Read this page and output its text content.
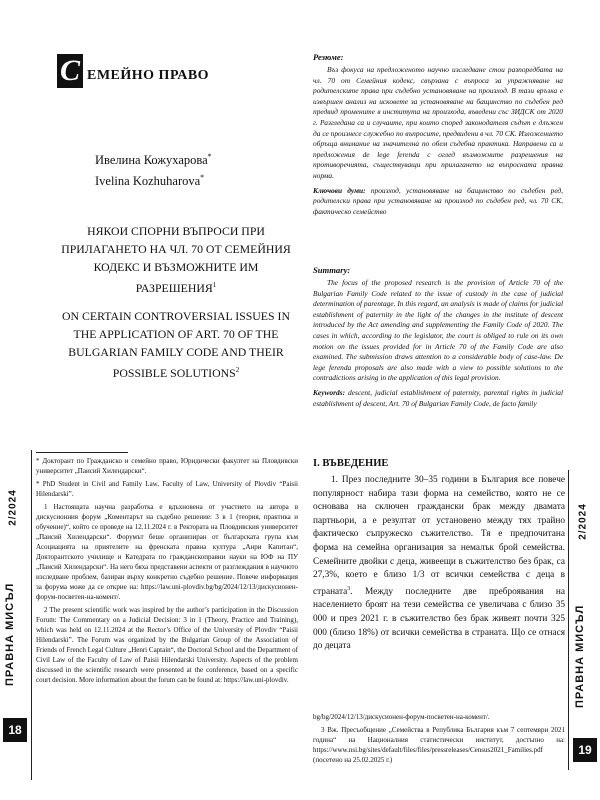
2/2024
ПРАВНА МИСЪЛ
18
2/2024
ПРАВНА МИСЪЛ
19
С ЕМЕЙНО ПРАВО
Ивелина Кожухарова*
Ivelina Kozhuharova*
НЯКОИ СПОРНИ ВЪПРОСИ ПРИ ПРИЛАГАНЕТО НА ЧЛ. 70 ОТ СЕМЕЙНИЯ КОДЕКС И ВЪЗМОЖНИТЕ ИМ РАЗРЕШЕНИЯ$^1$
ON CERTAIN CONTROVERSIAL ISSUES IN THE APPLICATION OF ART. 70 OF THE BULGARIAN FAMILY CODE AND THEIR POSSIBLE SOLUTIONS$^2$

* Докторант по Гражданско и семейно право, Юридически факултет на Пловдивски университет „Паисий Хилендарски“.

* PhD Student in Civil and Family Law, Faculty of Law, University of Plovdiv “Paisii Hilendarski”.

1 Настоящата научна разработка е вдъхновена от участието на автора в дискусионния форум „Коментарът на съдебно решение: 3 в 1 (теория, практика и обучение)“, който се проведе на 12.11.2024 г. в Ректората на Пловдивския университет „Паисий Хилендарски“. Форумът беше организиран от българската група към Асоциацията на приятелите на френската правна култура „Анри Капитан“, Докторантското училище и Катедрата по гражданскоправни науки на ЮФ на ПУ „Паисий Хилендарски“. На него бяха представени аспекти от разглеждания в научното изследване проблем, базиран върху конкретно съдебно решение. Повече информация за форума може да се открие на: https://law.uni-plovdiv.bg/bg/2024/12/13/дискусионен-форум-посветен-на-комент/.

2 The present scientific work was inspired by the author’s participation in the Discussion Forum: The Commentary on a Judicial Decision: 3 in 1 (Theory, Practice and Training), which was held on 12.11.2024 at the Rector’s Office of the University of Plovdiv “Paisii Hilendarski”. The Forum was organized by the Bulgarian Group of the Association of Friends of French Legal Culture „Henri Captain“, the Doctoral School and the Department of Civil Law of the Faculty of Law of Paisii Hilendarski University. Aspects of the problem discussed in the scientific research were presented at the conference, based on a specific court decision. More information about the forum can be found at: https://law.uni-plovdiv.

Резюме:

Въз фокуса на предложеното научно изследване стои разпоредбата на чл. 70 от Семейния кодекс, свързана с въпроса за упражняване на родителските права при съдебно установяване на произход. В тази връзка е извършен анализ на исковете за установяване на бащинство по съдебен ред предвид промените в института на произхода, въведени със ЗИДСК от 2020 г. Разгледана са и случаите, при които според законодателя съдът е длъжен да се произнесе служебно по въпросите, предвидени в чл. 70 СК. Изложението обръща внимание на значителна по обем съдебна практика. Направени са и предложения de lege ferenda с оглед възможните разрешения на противоречията, съществуващи при прилагането на въпросната правна норма.

Ключови думи: произход, установяване на бащинство по съдебен ред, родителски права при установяване на произход по съдебен ред, чл. 70 СК, фактическо семейство

Summary:

The focus of the proposed research is the provision of Article 70 of the Bulgarian Family Code related to the issue of custody in the case of judicial determination of parentage. In this regard, an analysis is made of claims for judicial establishment of paternity in the light of the changes in the institute of descent introduced by the Act amending and supplementing the Family Code of 2020. The cases in which, according to the legislator, the court is obliged to rule on its own motion on the issues provided for in Article 70 of the Family Code are also examined. The submission draws attention to a considerable body of case-law. De lege ferenda proposals are also made with a view to possible solutions to the contradictions arising in the application of this legal provision.

Keywords: descent, judicial establishment of paternity, parental rights in judicial establishment of descent, Art. 70 of Bulgarian Family Code, de facto family

I. ВЪВЕДЕНИЕ

1. През последните 30–35 години в България все повече популярност набира тази форма на семейство, която не се основава на сключен граждански брак между двамата партньори, а е резултат от установено между тях трайно фактическо съпружеско съжителство. Тя е предпочитана форма на семейна организация за немалък брой семейства. Семейните двойки с деца, живеещи в съжителство без брак, са 27,3%, което е близо 1/3 от всички семейства с деца в страната$^3$. Между последните две преброявания на населението броят на тези семейства се увеличава с близо 35 000 и през 2021 г. в съжителство без брак живеят почти 325 000 (близо 18%) от всички семейства в страната. Що се отнася до децата

bg/bg/2024/12/13/дискусионен-форум-посветен-на-комент/.

3 Вж. Пресъобщение „Семейства в Република България към 7 септември 2021 година“ на Националния статистически институт, достъпно на: https://www.nsi.bg/sites/default/files/files/pressreleases/Census2021_Families.pdf (посетено на 25.02.2025 г.)
